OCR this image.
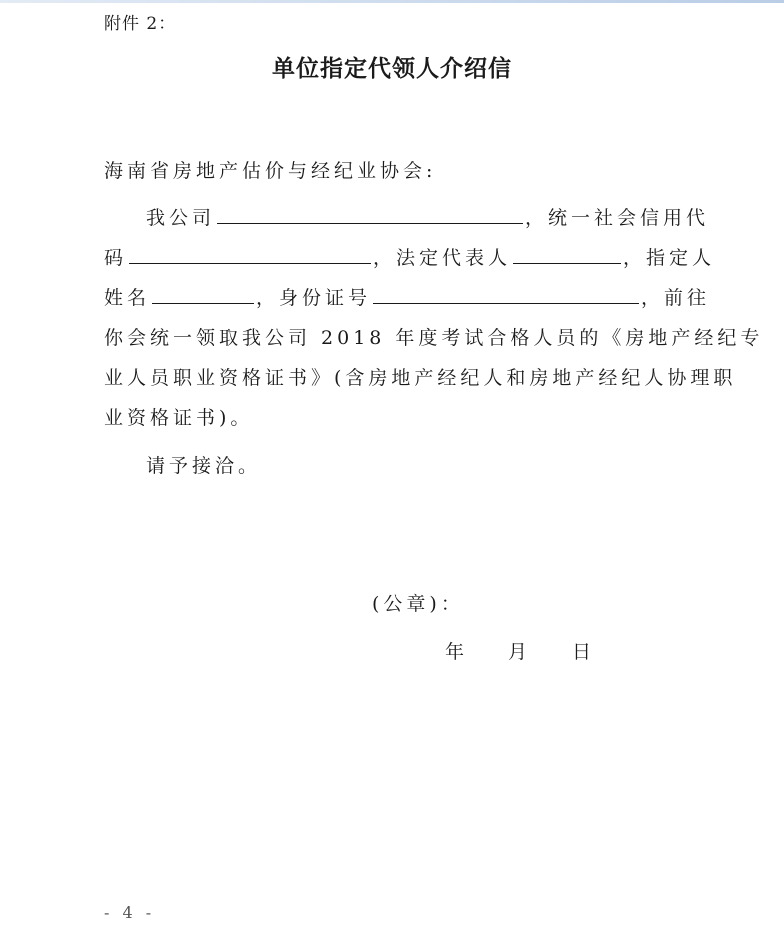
附件 2：
单位指定代领人介绍信
海南省房地产估价与经纪业协会:
我公司	，统一社会信用代
码	，法定代表人	，指定人
姓名	，身份证号	，前往
你会统一领取我公司 2018 年度考试合格人员的《房地产经纪专
业人员职业资格证书》(含房地产经纪人和房地产经纪人协理职
业资格证书)。
请予接洽。
(公章)：
年 月 日
- 4 -
